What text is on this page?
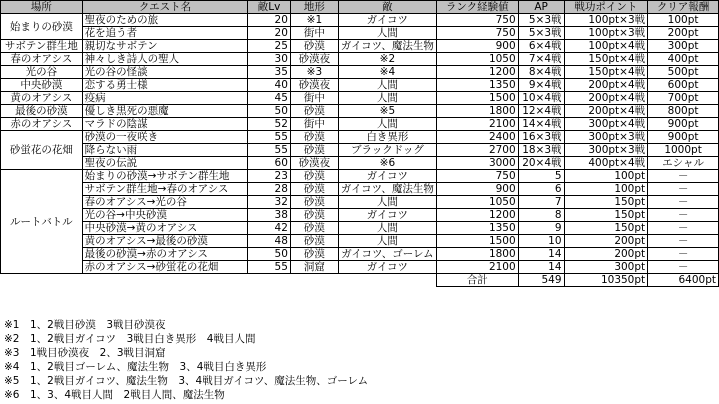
場所	クエスト名	敵Lv	地形	敵	ランク経験値	AP	戦功ポイント	クリア報酬
始まりの砂漠	聖夜のための旅	20	※1	ガイコツ	750	5×3戦	100pt×3戦	100pt
	花を追う者	20	街中	人間	750	5×3戦	100pt×3戦	200pt
サボテン群生地	親切なサボテン	25	砂漠	ガイコツ、魔法生物	900	6×4戦	100pt×4戦	300pt
春のオアシス	神々しき詩人の聖人	30	砂漠夜	※2	1050	7×4戦	150pt×4戦	400pt
光の谷	光の谷の怪談	35	※3	※4	1200	8×4戦	150pt×4戦	500pt
中央砂漠	恋する勇士様	40	砂漠夜	人間	1350	9×4戦	200pt×4戦	600pt
黄のオアシス	疫病	45	街中	人間	1500	10×4戦	200pt×4戦	700pt
最後の砂漠	優しき黒死の悪魔	50	砂漠	※5	1800	12×4戦	200pt×4戦	800pt
赤のオアシス	マラドの陰謀	52	街中	人間	2100	14×4戦	300pt×4戦	900pt
砂蛍花の花畑	砂漠の一夜咲き	55	砂漠	白き異形	2400	16×3戦	300pt×3戦	900pt
	降らない雨	55	砂漠	ブラックドッグ	2700	18×3戦	300pt×3戦	1000pt
	聖夜の伝説	60	砂漠夜	※6	3000	20×4戦	400pt×4戦	エシャル
ルートバトル	始まりの砂漠→サボテン群生地	23	砂漠	ガイコツ	750	5	100pt	－
	サボテン群生地→春のオアシス	28	砂漠	ガイコツ、魔法生物	900	6	100pt	－
	春のオアシス→光の谷	32	砂漠	人間	1050	7	150pt	－
	光の谷→中央砂漠	38	砂漠	ガイコツ	1200	8	150pt	－
	中央砂漠→黄のオアシス	42	砂漠	人間	1350	9	150pt	－
	黄のオアシス→最後の砂漠	48	砂漠	人間	1500	10	200pt	－
	最後の砂漠→赤のオアシス	50	砂漠	ガイコツ、ゴーレム	1800	14	200pt	－
	赤のオアシス→砂蛍花の花畑	55	洞窟	ガイコツ	2100	14	300pt	－
					合計	549	10350pt	6400pt
※1　1、2戦目砂漠　3戦目砂漠夜
※2　1、2戦目ガイコツ　3戦目白き異形　4戦目人間
※3　1戦目砂漠夜　2、3戦目洞窟
※4　1、2戦目ゴーレム、魔法生物　3、4戦目白き異形
※5　1、2戦目ガイコツ、魔法生物　3、4戦目ガイコツ、魔法生物、ゴーレム
※6　1、3、4戦目人間　2戦目人間、魔法生物
